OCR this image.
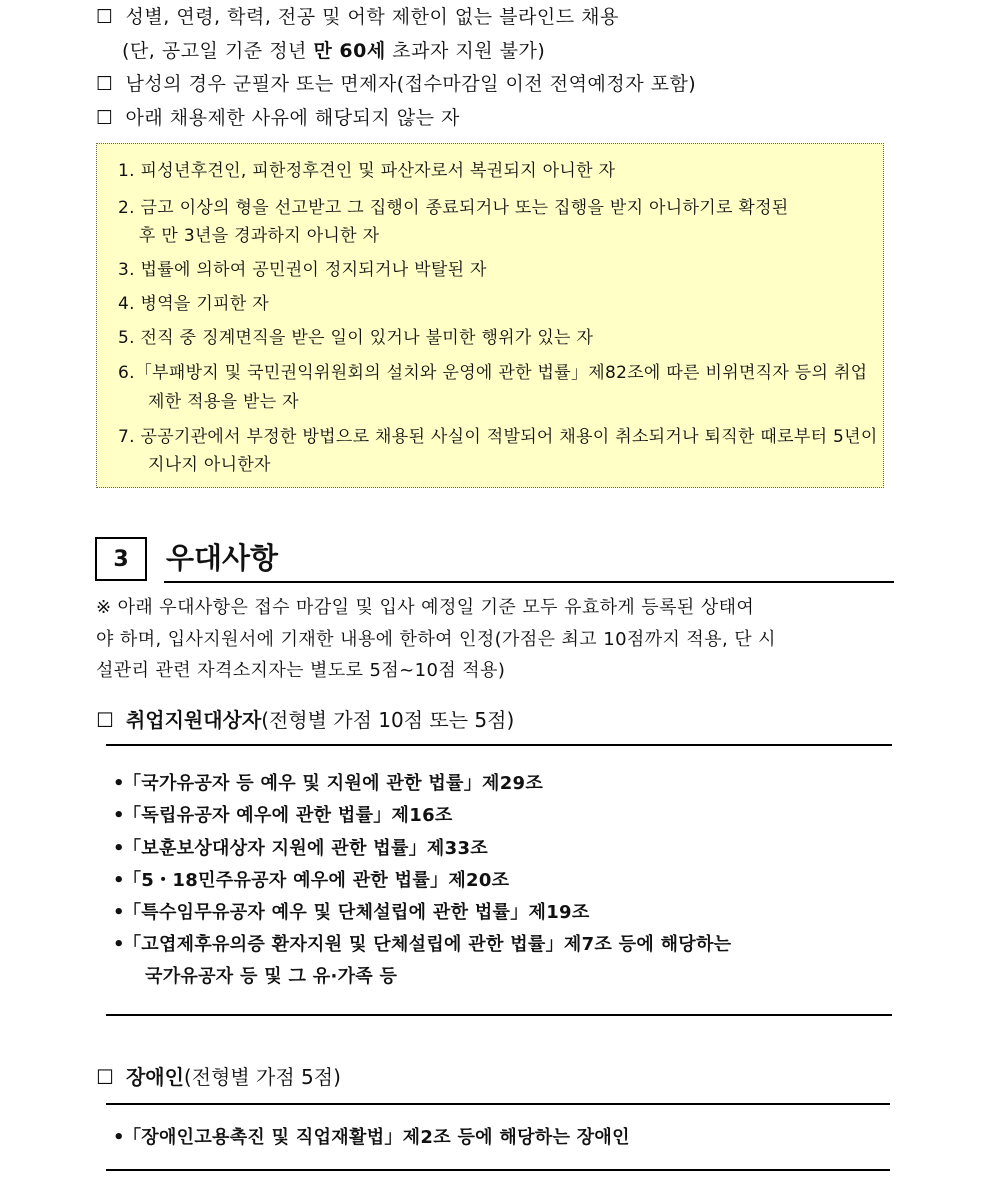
☐ 성별, 연령, 학력, 전공 및 어학 제한이 없는 블라인드 채용
(단, 공고일 기준 정년 만 60세 초과자 지원 불가)
☐ 남성의 경우 군필자 또는 면제자(접수마감일 이전 전역예정자 포함)
☐ 아래 채용제한 사유에 해당되지 않는 자
1. 피성년후견인, 피한정후견인 및 파산자로서 복권되지 아니한 자
2. 금고 이상의 형을 선고받고 그 집행이 종료되거나 또는 집행을 받지 아니하기로 확정된
후 만 3년을 경과하지 아니한 자
3. 법률에 의하여 공민권이 정지되거나 박탈된 자
4. 병역을 기피한 자
5. 전직 중 징계면직을 받은 일이 있거나 불미한 행위가 있는 자
6.「부패방지 및 국민권익위원회의 설치와 운영에 관한 법률」제82조에 따른 비위면직자 등의 취업
제한 적용을 받는 자
7. 공공기관에서 부정한 방법으로 채용된 사실이 적발되어 채용이 취소되거나 퇴직한 때로부터 5년이
지나지 아니한자
3	우대사항
※ 아래 우대사항은 접수 마감일 및 입사 예정일 기준 모두 유효하게 등록된 상태여
야 하며, 입사지원서에 기재한 내용에 한하여 인정(가점은 최고 10점까지 적용, 단 시
설관리 관련 자격소지자는 별도로 5점~10점 적용)
☐ 취업지원대상자(전형별 가점 10점 또는 5점)
•「국가유공자 등 예우 및 지원에 관한 법률」제29조
•「독립유공자 예우에 관한 법률」제16조
•「보훈보상대상자 지원에 관한 법률」제33조
•「5・18민주유공자 예우에 관한 법률」제20조
•「특수임무유공자 예우 및 단체설립에 관한 법률」제19조
•「고엽제후유의증 환자지원 및 단체설립에 관한 법률」제7조 등에 해당하는
국가유공자 등 및 그 유·가족 등
☐ 장애인(전형별 가점 5점)
•「장애인고용촉진 및 직업재활법」제2조 등에 해당하는 장애인
